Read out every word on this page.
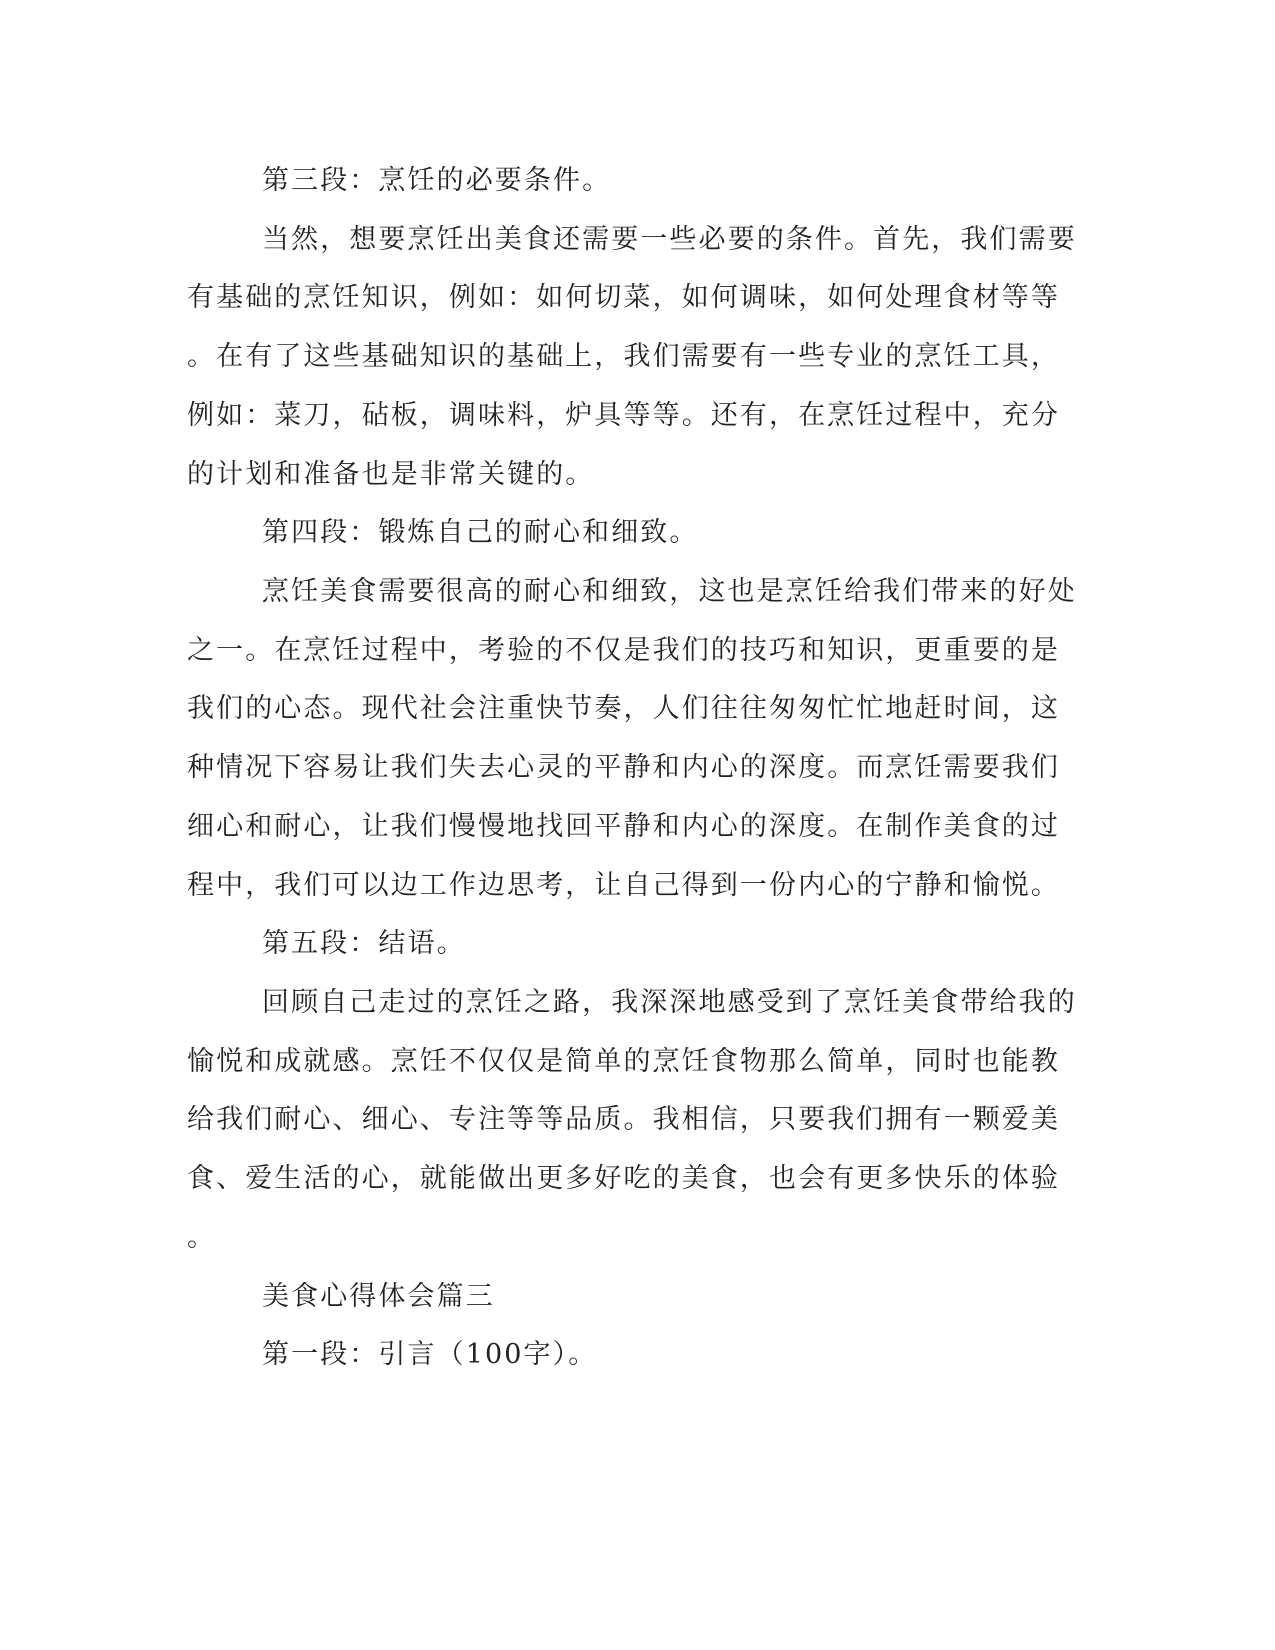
第三段：烹饪的必要条件。
当然，想要烹饪出美食还需要一些必要的条件。首先，我们需要
有基础的烹饪知识，例如：如何切菜，如何调味，如何处理食材等等
。在有了这些基础知识的基础上，我们需要有一些专业的烹饪工具，
例如：菜刀，砧板，调味料，炉具等等。还有，在烹饪过程中，充分
的计划和准备也是非常关键的。
第四段：锻炼自己的耐心和细致。
烹饪美食需要很高的耐心和细致，这也是烹饪给我们带来的好处
之一。在烹饪过程中，考验的不仅是我们的技巧和知识，更重要的是
我们的心态。现代社会注重快节奏，人们往往匆匆忙忙地赶时间，这
种情况下容易让我们失去心灵的平静和内心的深度。而烹饪需要我们
细心和耐心，让我们慢慢地找回平静和内心的深度。在制作美食的过
程中，我们可以边工作边思考，让自己得到一份内心的宁静和愉悦。
第五段：结语。
回顾自己走过的烹饪之路，我深深地感受到了烹饪美食带给我的
愉悦和成就感。烹饪不仅仅是简单的烹饪食物那么简单，同时也能教
给我们耐心、细心、专注等等品质。我相信，只要我们拥有一颗爱美
食、爱生活的心，就能做出更多好吃的美食，也会有更多快乐的体验
。
美食心得体会篇三
第一段：引言（100字）。
